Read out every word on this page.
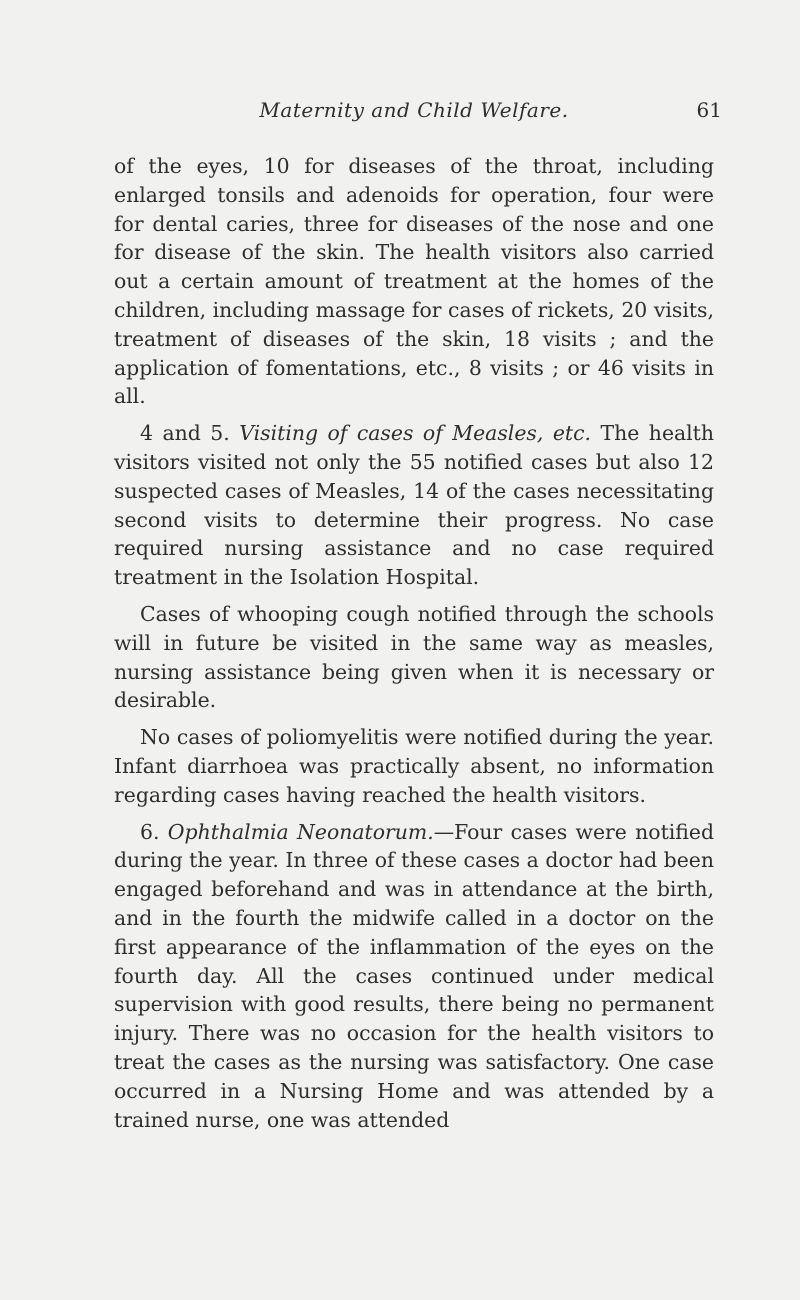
Maternity and Child Welfare.	61

of the eyes, 10 for diseases of the throat, including enlarged tonsils and adenoids for operation, four were for dental caries, three for diseases of the nose and one for disease of the skin. The health visitors also carried out a certain amount of treatment at the homes of the children, including massage for cases of rickets, 20 visits, treatment of diseases of the skin, 18 visits ; and the application of fomentations, etc., 8 visits ; or 46 visits in all.

4 and 5. Visiting of cases of Measles, etc. The health visitors visited not only the 55 notified cases but also 12 suspected cases of Measles, 14 of the cases necessitating second visits to determine their progress. No case required nursing assistance and no case required treatment in the Isolation Hospital.

Cases of whooping cough notified through the schools will in future be visited in the same way as measles, nursing assistance being given when it is necessary or desirable.

No cases of poliomyelitis were notified during the year. Infant diarrhoea was practically absent, no information regarding cases having reached the health visitors.

6. Ophthalmia Neonatorum.—Four cases were notified during the year. In three of these cases a doctor had been engaged beforehand and was in attendance at the birth, and in the fourth the midwife called in a doctor on the first appearance of the inflammation of the eyes on the fourth day. All the cases continued under medical supervision with good results, there being no permanent injury. There was no occasion for the health visitors to treat the cases as the nursing was satisfactory. One case occurred in a Nursing Home and was attended by a trained nurse, one was attended
